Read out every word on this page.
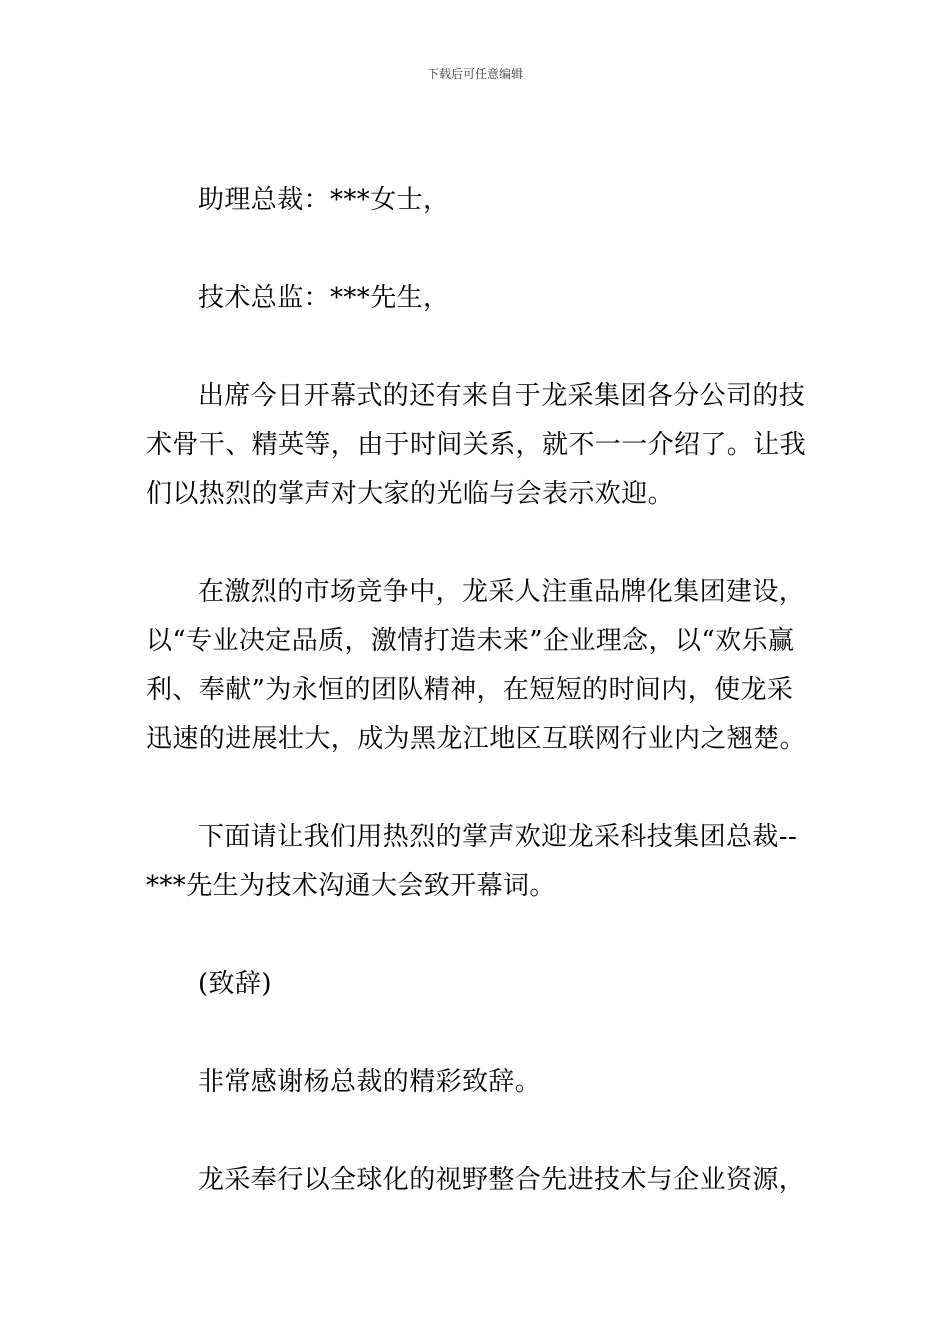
下载后可任意编辑

助理总裁：***女士，

技术总监：***先生，

出席今日开幕式的还有来自于龙采集团各分公司的技术骨干、精英等，由于时间关系，就不一一介绍了。让我们以热烈的掌声对大家的光临与会表示欢迎。

在激烈的市场竞争中，龙采人注重品牌化集团建设，以“专业决定品质，激情打造未来”企业理念，以“欢乐赢利、奉献”为永恒的团队精神，在短短的时间内，使龙采迅速的进展壮大，成为黑龙江地区互联网行业内之翘楚。

下面请让我们用热烈的掌声欢迎龙采科技集团总裁--***先生为技术沟通大会致开幕词。

(致辞)

非常感谢杨总裁的精彩致辞。

龙采奉行以全球化的视野整合先进技术与企业资源，
